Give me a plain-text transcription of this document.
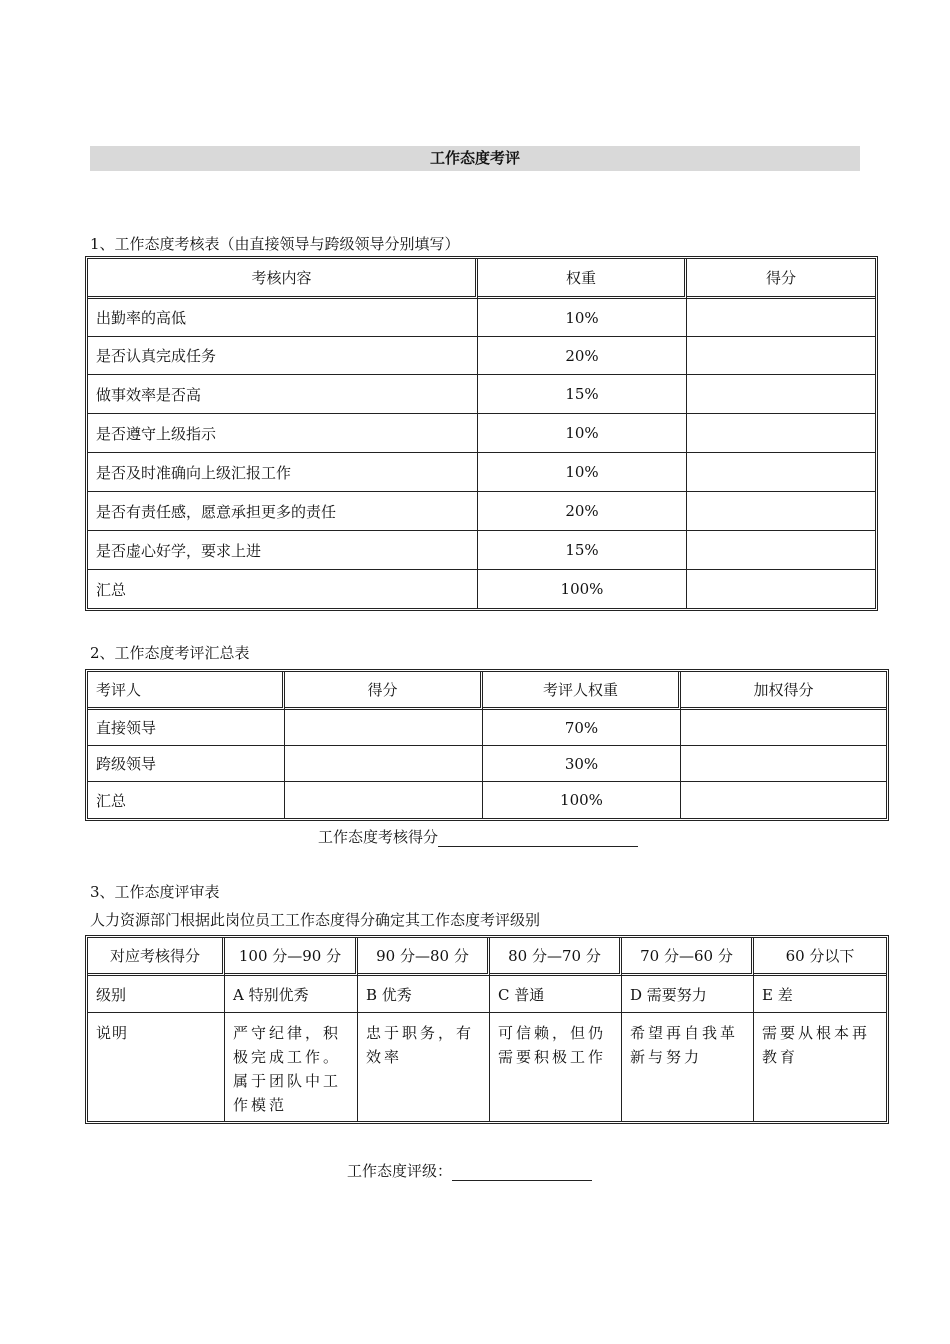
工作态度考评
1、工作态度考核表（由直接领导与跨级领导分别填写）
考核内容	权重	得分
出勤率的高低	10%	
是否认真完成任务	20%	
做事效率是否高	15%	
是否遵守上级指示	10%	
是否及时准确向上级汇报工作	10%	
是否有责任感，愿意承担更多的责任	20%	
是否虚心好学，要求上进	15%	
汇总	100%	
2、工作态度考评汇总表
考评人	得分	考评人权重	加权得分
直接领导		70%	
跨级领导		30%	
汇总		100%	
工作态度考核得分
3、工作态度评审表
人力资源部门根据此岗位员工工作态度得分确定其工作态度考评级别
对应考核得分	100 分—90 分	90 分—80 分	80 分—70 分	70 分—60 分	60 分以下
级别	A 特别优秀	B 优秀	C 普通	D 需要努力	E 差
说明	严守纪律，积极完成工作。属于团队中工作模范	忠于职务，有效率	可信赖，但仍需要积极工作	希望再自我革新与努力	需要从根本再教育
工作态度评级：
